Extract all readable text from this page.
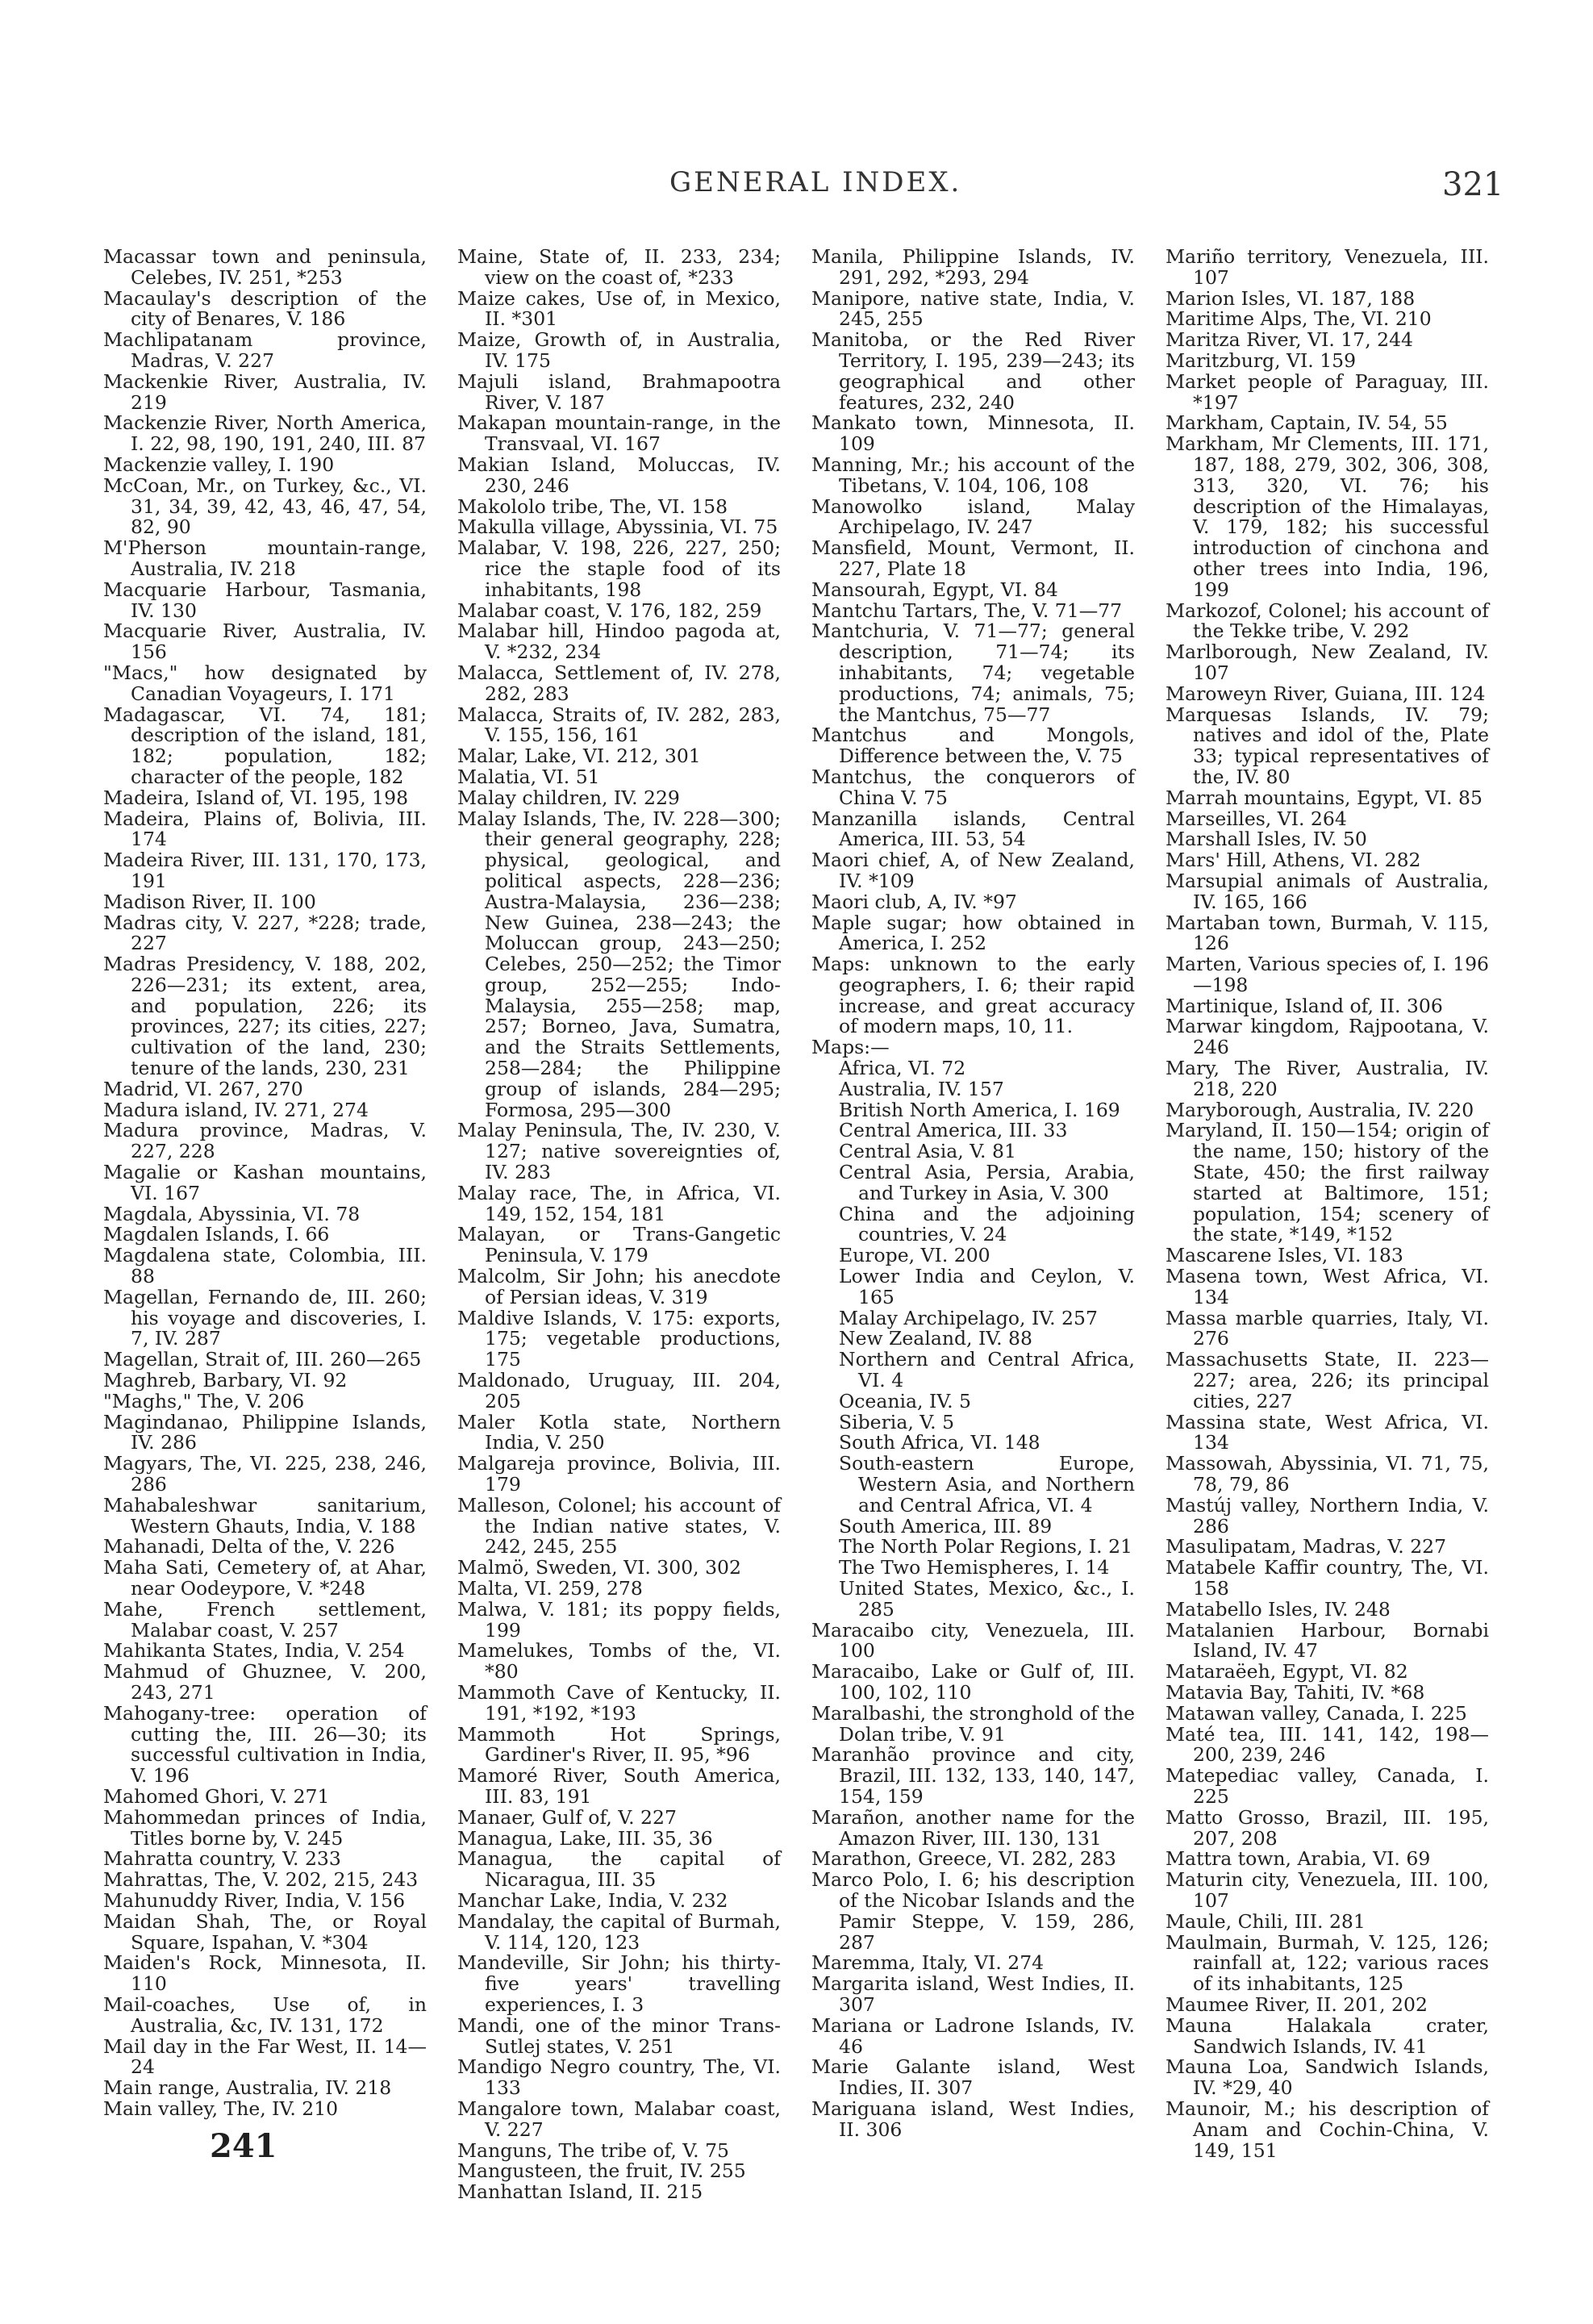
GENERAL INDEX.	321
Macassar town and peninsula, Celebes, IV. 251, *253
Macaulay's description of the city of Benares, V. 186
Machlipatanam province, Madras, V. 227
Mackenkie River, Australia, IV. 219
Mackenzie River, North America, I. 22, 98, 190, 191, 240, III. 87
Mackenzie valley, I. 190
McCoan, Mr., on Turkey, &c., VI. 31, 34, 39, 42, 43, 46, 47, 54, 82, 90
M'Pherson mountain-range, Australia, IV. 218
Macquarie Harbour, Tasmania, IV. 130
Macquarie River, Australia, IV. 156
"Macs," how designated by Canadian Voyageurs, I. 171
Madagascar, VI. 74, 181; description of the island, 181, 182; population, 182; character of the people, 182
Madeira, Island of, VI. 195, 198
Madeira, Plains of, Bolivia, III. 174
Madeira River, III. 131, 170, 173, 191
Madison River, II. 100
Madras city, V. 227, *228; trade, 227
Madras Presidency, V. 188, 202, 226—231; its extent, area, and population, 226; its provinces, 227; its cities, 227; cultivation of the land, 230; tenure of the lands, 230, 231
Madrid, VI. 267, 270
Madura island, IV. 271, 274
Madura province, Madras, V. 227, 228
Magalie or Kashan mountains, VI. 167
Magdala, Abyssinia, VI. 78
Magdalen Islands, I. 66
Magdalena state, Colombia, III. 88
Magellan, Fernando de, III. 260; his voyage and discoveries, I. 7, IV. 287
Magellan, Strait of, III. 260—265
Maghreb, Barbary, VI. 92
"Maghs," The, V. 206
Magindanao, Philippine Islands, IV. 286
Magyars, The, VI. 225, 238, 246, 286
Mahabaleshwar sanitarium, Western Ghauts, India, V. 188
Mahanadi, Delta of the, V. 226
Maha Sati, Cemetery of, at Ahar, near Oodeypore, V. *248
Mahe, French settlement, Malabar coast, V. 257
Mahikanta States, India, V. 254
Mahmud of Ghuznee, V. 200, 243, 271
Mahogany-tree: operation of cutting the, III. 26—30; its successful cultivation in India, V. 196
Mahomed Ghori, V. 271
Mahommedan princes of India, Titles borne by, V. 245
Mahratta country, V. 233
Mahrattas, The, V. 202, 215, 243
Mahunuddy River, India, V. 156
Maidan Shah, The, or Royal Square, Ispahan, V. *304
Maiden's Rock, Minnesota, II. 110
Mail-coaches, Use of, in Australia, &c, IV. 131, 172
Mail day in the Far West, II. 14—24
Main range, Australia, IV. 218
Main valley, The, IV. 210
Maine, State of, II. 233, 234; view on the coast of, *233
Maize cakes, Use of, in Mexico, II. *301
Maize, Growth of, in Australia, IV. 175
Majuli island, Brahmapootra River, V. 187
Makapan mountain-range, in the Transvaal, VI. 167
Makian Island, Moluccas, IV. 230, 246
Makololo tribe, The, VI. 158
Makulla village, Abyssinia, VI. 75
Malabar, V. 198, 226, 227, 250; rice the staple food of its inhabitants, 198
Malabar coast, V. 176, 182, 259
Malabar hill, Hindoo pagoda at, V. *232, 234
Malacca, Settlement of, IV. 278, 282, 283
Malacca, Straits of, IV. 282, 283, V. 155, 156, 161
Malar, Lake, VI. 212, 301
Malatia, VI. 51
Malay children, IV. 229
Malay Islands, The, IV. 228—300; their general geography, 228; physical, geological, and political aspects, 228—236; Austra-Malaysia, 236—238; New Guinea, 238—243; the Moluccan group, 243—250; Celebes, 250—252; the Timor group, 252—255; Indo-Malaysia, 255—258; map, 257; Borneo, Java, Sumatra, and the Straits Settlements, 258—284; the Philippine group of islands, 284—295; Formosa, 295—300
Malay Peninsula, The, IV. 230, V. 127; native sovereignties of, IV. 283
Malay race, The, in Africa, VI. 149, 152, 154, 181
Malayan, or Trans-Gangetic Peninsula, V. 179
Malcolm, Sir John; his anecdote of Persian ideas, V. 319
Maldive Islands, V. 175: exports, 175; vegetable productions, 175
Maldonado, Uruguay, III. 204, 205
Maler Kotla state, Northern India, V. 250
Malgareja province, Bolivia, III. 179
Malleson, Colonel; his account of the Indian native states, V. 242, 245, 255
Malmö, Sweden, VI. 300, 302
Malta, VI. 259, 278
Malwa, V. 181; its poppy fields, 199
Mamelukes, Tombs of the, VI. *80
Mammoth Cave of Kentucky, II. 191, *192, *193
Mammoth Hot Springs, Gardiner's River, II. 95, *96
Mamoré River, South America, III. 83, 191
Manaer, Gulf of, V. 227
Managua, Lake, III. 35, 36
Managua, the capital of Nicaragua, III. 35
Manchar Lake, India, V. 232
Mandalay, the capital of Burmah, V. 114, 120, 123
Mandeville, Sir John; his thirty-five years' travelling experiences, I. 3
Mandi, one of the minor Trans-Sutlej states, V. 251
Mandigo Negro country, The, VI. 133
Mangalore town, Malabar coast, V. 227
Manguns, The tribe of, V. 75
Mangusteen, the fruit, IV. 255
Manhattan Island, II. 215
Manila, Philippine Islands, IV. 291, 292, *293, 294
Manipore, native state, India, V. 245, 255
Manitoba, or the Red River Territory, I. 195, 239—243; its geographical and other features, 232, 240
Mankato town, Minnesota, II. 109
Manning, Mr.; his account of the Tibetans, V. 104, 106, 108
Manowolko island, Malay Archipelago, IV. 247
Mansfield, Mount, Vermont, II. 227, Plate 18
Mansourah, Egypt, VI. 84
Mantchu Tartars, The, V. 71—77
Mantchuria, V. 71—77; general description, 71—74; its inhabitants, 74; vegetable productions, 74; animals, 75; the Mantchus, 75—77
Mantchus and Mongols, Difference between the, V. 75
Mantchus, the conquerors of China V. 75
Manzanilla islands, Central America, III. 53, 54
Maori chief, A, of New Zealand, IV. *109
Maori club, A, IV. *97
Maple sugar; how obtained in America, I. 252
Maps: unknown to the early geographers, I. 6; their rapid increase, and great accuracy of modern maps, 10, 11.
Maps:—
Africa, VI. 72
Australia, IV. 157
British North America, I. 169
Central America, III. 33
Central Asia, V. 81
Central Asia, Persia, Arabia, and Turkey in Asia, V. 300
China and the adjoining countries, V. 24
Europe, VI. 200
Lower India and Ceylon, V. 165
Malay Archipelago, IV. 257
New Zealand, IV. 88
Northern and Central Africa, VI. 4
Oceania, IV. 5
Siberia, V. 5
South Africa, VI. 148
South-eastern Europe, Western Asia, and Northern and Central Africa, VI. 4
South America, III. 89
The North Polar Regions, I. 21
The Two Hemispheres, I. 14
United States, Mexico, &c., I. 285
Maracaibo city, Venezuela, III. 100
Maracaibo, Lake or Gulf of, III. 100, 102, 110
Maralbashi, the stronghold of the Dolan tribe, V. 91
Maranhão province and city, Brazil, III. 132, 133, 140, 147, 154, 159
Marañon, another name for the Amazon River, III. 130, 131
Marathon, Greece, VI. 282, 283
Marco Polo, I. 6; his description of the Nicobar Islands and the Pamir Steppe, V. 159, 286, 287
Maremma, Italy, VI. 274
Margarita island, West Indies, II. 307
Mariana or Ladrone Islands, IV. 46
Marie Galante island, West Indies, II. 307
Mariguana island, West Indies, II. 306
Mariño territory, Venezuela, III. 107
Marion Isles, VI. 187, 188
Maritime Alps, The, VI. 210
Maritza River, VI. 17, 244
Maritzburg, VI. 159
Market people of Paraguay, III. *197
Markham, Captain, IV. 54, 55
Markham, Mr Clements, III. 171, 187, 188, 279, 302, 306, 308, 313, 320, VI. 76; his description of the Himalayas, V. 179, 182; his successful introduction of cinchona and other trees into India, 196, 199
Markozof, Colonel; his account of the Tekke tribe, V. 292
Marlborough, New Zealand, IV. 107
Maroweyn River, Guiana, III. 124
Marquesas Islands, IV. 79; natives and idol of the, Plate 33; typical representatives of the, IV. 80
Marrah mountains, Egypt, VI. 85
Marseilles, VI. 264
Marshall Isles, IV. 50
Mars' Hill, Athens, VI. 282
Marsupial animals of Australia, IV. 165, 166
Martaban town, Burmah, V. 115, 126
Marten, Various species of, I. 196—198
Martinique, Island of, II. 306
Marwar kingdom, Rajpootana, V. 246
Mary, The River, Australia, IV. 218, 220
Maryborough, Australia, IV. 220
Maryland, II. 150—154; origin of the name, 150; history of the State, 450; the first railway started at Baltimore, 151; population, 154; scenery of the state, *149, *152
Mascarene Isles, VI. 183
Masena town, West Africa, VI. 134
Massa marble quarries, Italy, VI. 276
Massachusetts State, II. 223—227; area, 226; its principal cities, 227
Massina state, West Africa, VI. 134
Massowah, Abyssinia, VI. 71, 75, 78, 79, 86
Mastúj valley, Northern India, V. 286
Masulipatam, Madras, V. 227
Matabele Kaffir country, The, VI. 158
Matabello Isles, IV. 248
Matalanien Harbour, Bornabi Island, IV. 47
Mataraëeh, Egypt, VI. 82
Matavia Bay, Tahiti, IV. *68
Matawan valley, Canada, I. 225
Maté tea, III. 141, 142, 198—200, 239, 246
Matepediac valley, Canada, I. 225
Matto Grosso, Brazil, III. 195, 207, 208
Mattra town, Arabia, VI. 69
Maturin city, Venezuela, III. 100, 107
Maule, Chili, III. 281
Maulmain, Burmah, V. 125, 126; rainfall at, 122; various races of its inhabitants, 125
Maumee River, II. 201, 202
Mauna Halakala crater, Sandwich Islands, IV. 41
Mauna Loa, Sandwich Islands, IV. *29, 40
Maunoir, M.; his description of Anam and Cochin-China, V. 149, 151
241
